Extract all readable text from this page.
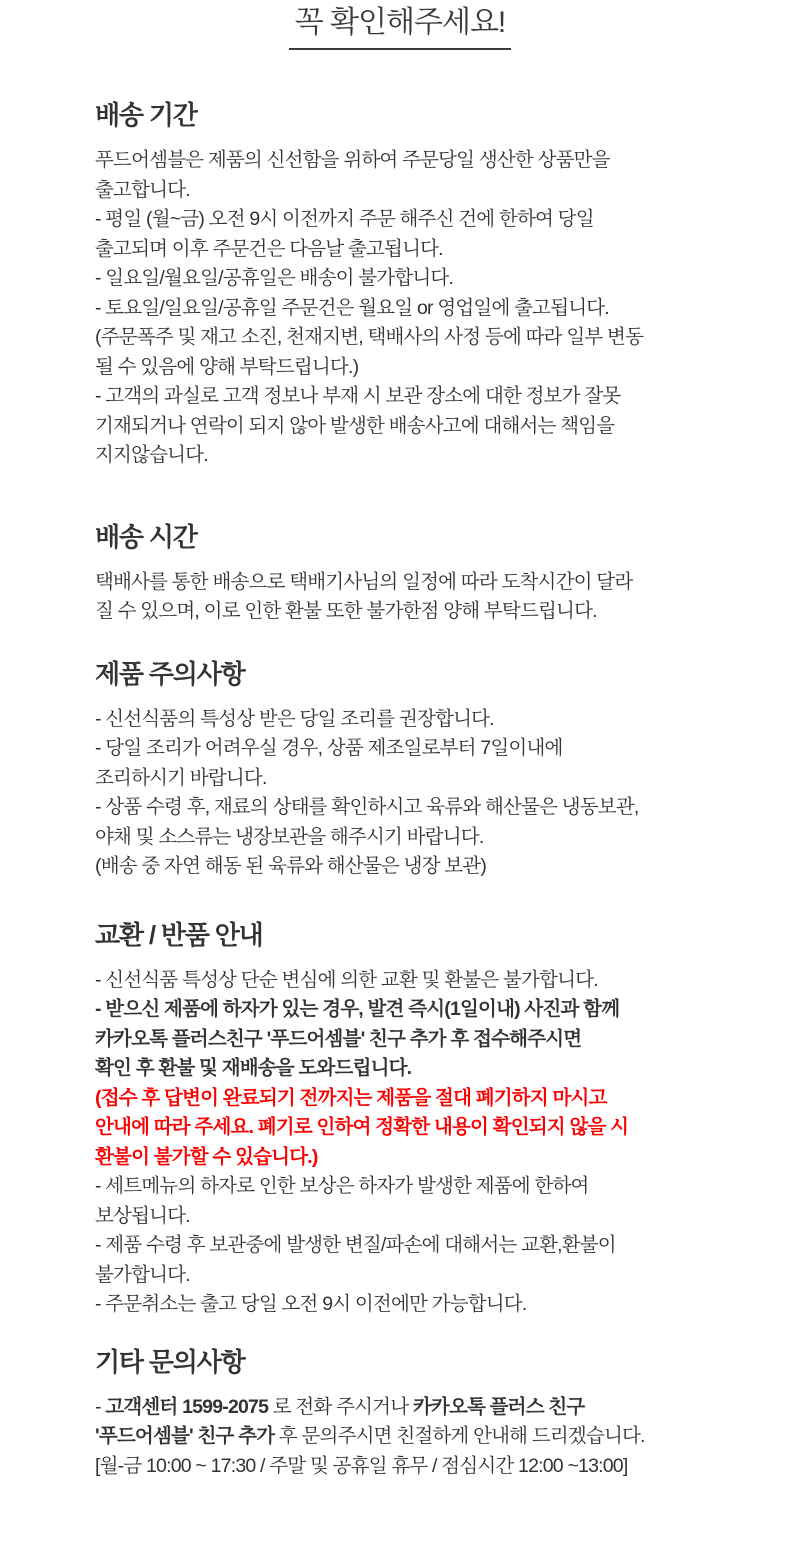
꼭 확인해주세요!
배송 기간

푸드어셈블은 제품의 신선함을 위하여 주문당일 생산한 상품만을
출고합니다.
- 평일 (월~금) 오전 9시 이전까지 주문 해주신 건에 한하여 당일
출고되며 이후 주문건은 다음날 출고됩니다.
- 일요일/월요일/공휴일은 배송이 불가합니다.
- 토요일/일요일/공휴일 주문건은 월요일 or 영업일에 출고됩니다.
(주문폭주 및 재고 소진, 천재지변, 택배사의 사정 등에 따라 일부 변동
될 수 있음에 양해 부탁드립니다.)
- 고객의 과실로 고객 정보나 부재 시 보관 장소에 대한 정보가 잘못
기재되거나 연락이 되지 않아 발생한 배송사고에 대해서는 책임을
지지않습니다.

배송 시간

택배사를 통한 배송으로 택배기사님의 일정에 따라 도착시간이 달라
질 수 있으며, 이로 인한 환불 또한 불가한점 양해 부탁드립니다.

제품 주의사항

- 신선식품의 특성상 받은 당일 조리를 권장합니다.
- 당일 조리가 어려우실 경우, 상품 제조일로부터 7일이내에
조리하시기 바랍니다.
- 상품 수령 후, 재료의 상태를 확인하시고 육류와 해산물은 냉동보관,
야채 및 소스류는 냉장보관을 해주시기 바랍니다.
(배송 중 자연 해동 된 육류와 해산물은 냉장 보관)

교환 / 반품 안내

- 신선식품 특성상 단순 변심에 의한 교환 및 환불은 불가합니다.
- 받으신 제품에 하자가 있는 경우, 발견 즉시(1일이내) 사진과 함께
카카오톡 플러스친구 '푸드어셈블' 친구 추가 후 접수해주시면
확인 후 환불 및 재배송을 도와드립니다.
(접수 후 답변이 완료되기 전까지는 제품을 절대 폐기하지 마시고
안내에 따라 주세요. 폐기로 인하여 정확한 내용이 확인되지 않을 시
환불이 불가할 수 있습니다.)
- 세트메뉴의 하자로 인한 보상은 하자가 발생한 제품에 한하여
보상됩니다.
- 제품 수령 후 보관중에 발생한 변질/파손에 대해서는 교환,환불이
불가합니다.
- 주문취소는 출고 당일 오전 9시 이전에만 가능합니다.

기타 문의사항

- 고객센터 1599-2075 로 전화 주시거나 카카오톡 플러스 친구
'푸드어셈블' 친구 추가 후 문의주시면 친절하게 안내해 드리겠습니다.
[월-금 10:00 ~ 17:30 / 주말 및 공휴일 휴무 / 점심시간 12:00 ~13:00]
